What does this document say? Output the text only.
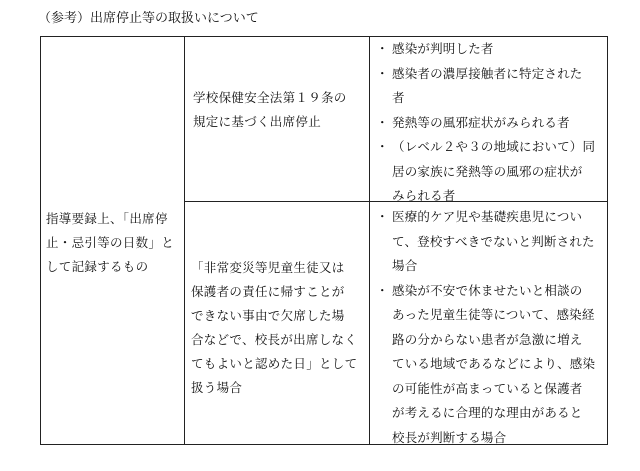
（参考）出席停止等の取扱いについて
指導要録上、「出席停
止・忌引等の日数」と
して記録するもの
学校保健安全法第１９条の
規定に基づく出席停止
・ 感染が判明した者
・ 感染者の濃厚接触者に特定された
者
・ 発熱等の風邪症状がみられる者
・ （レベル２や３の地域において）同
居の家族に発熱等の風邪の症状が
みられる者
「非常変災等児童生徒又は
保護者の責任に帰すことが
できない事由で欠席した場
合などで、校長が出席しなく
てもよいと認めた日」として
扱う場合
・ 医療的ケア児や基礎疾患児につい
て、登校すべきでないと判断された
場合
・ 感染が不安で休ませたいと相談の
あった児童生徒等について、感染経
路の分からない患者が急激に増え
ている地域であるなどにより、感染
の可能性が高まっていると保護者
が考えるに合理的な理由があると
校長が判断する場合
